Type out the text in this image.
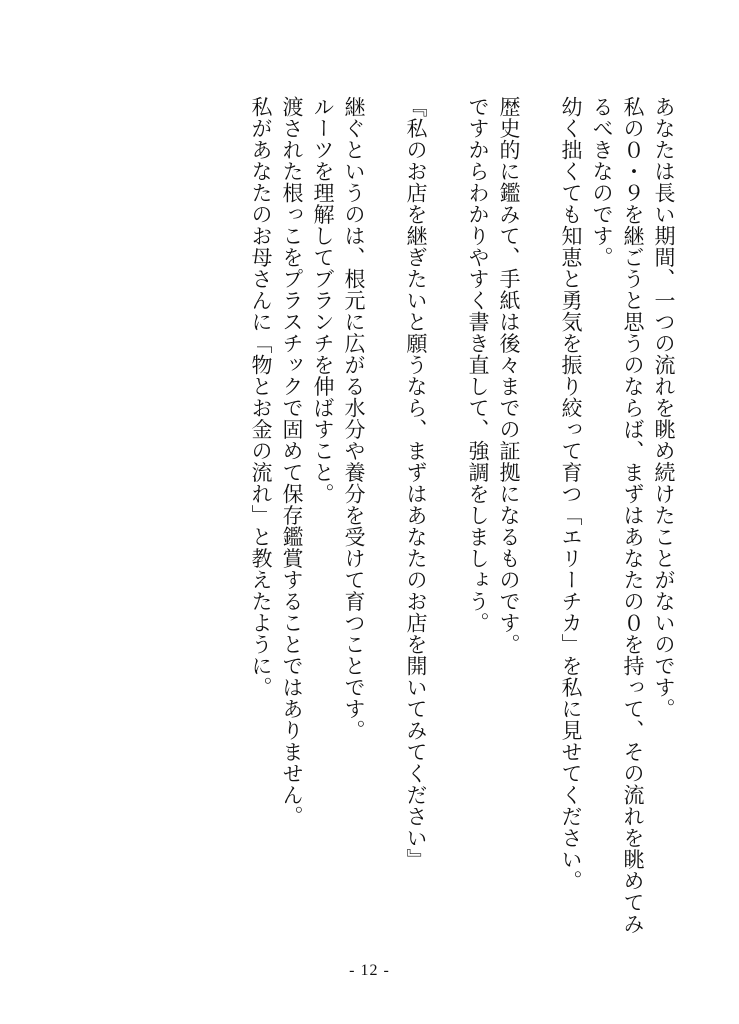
あなたは長い期間、一つの流れを眺め続けたことがないのです。
私の０・９を継ごうと思うのならば、まずはあなたの０を持って、その流れを眺めてみ
るべきなのです。
幼く拙くても知恵と勇気を振り絞って育つ「エリーチカ」を私に見せてください。
歴史的に鑑みて、手紙は後々までの証拠になるものです。
ですからわかりやすく書き直して、強調をしましょう。
『私のお店を継ぎたいと願うなら、まずはあなたのお店を開いてみてください』
継ぐというのは、根元に広がる水分や養分を受けて育つことです。
ルーツを理解してブランチを伸ばすこと。
渡された根っこをプラスチックで固めて保存鑑賞することではありません。
私があなたのお母さんに「物とお金の流れ」と教えたように。
- 12 -
